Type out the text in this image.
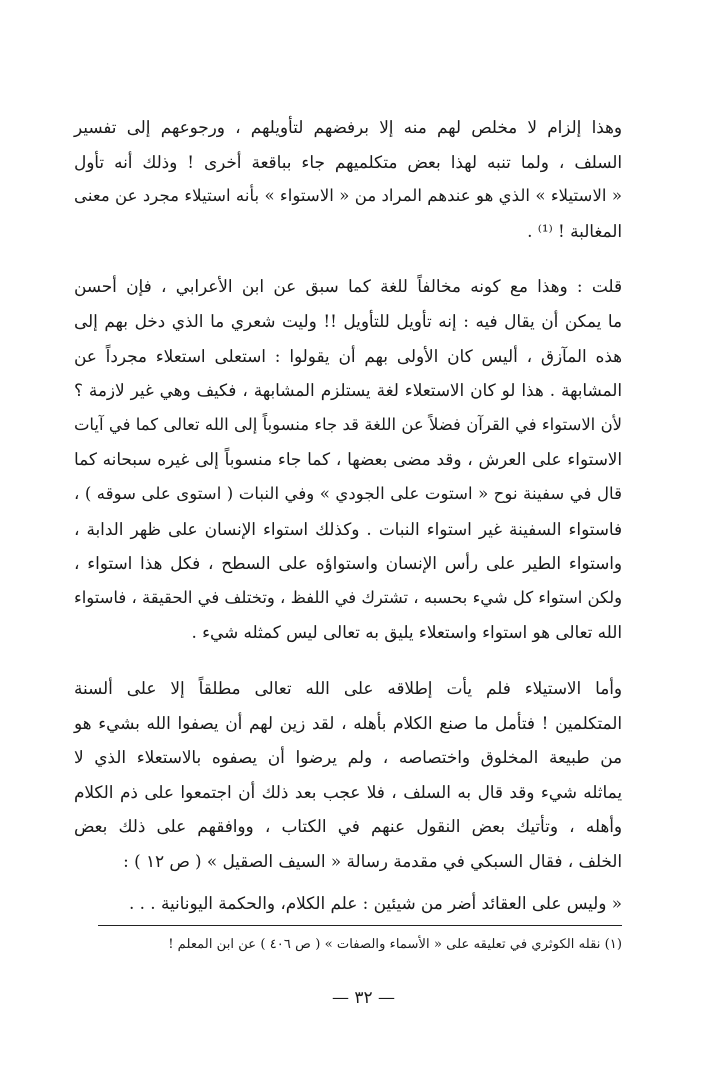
وهذا إلزام لا مخلص لهم منه إلا برفضهم لتأويلهم ، ورجوعهم إلى تفسير
السلف ، ولما تنبه لهذا بعض متكلميهم جاء بباقعة أخرى ! وذلك أنه تأول
« الاستيلاء » الذي هو عندهم المراد من « الاستواء » بأنه استيلاء مجرد عن معنى
المغالبة ! ⁽¹⁾ .

قلت : وهذا مع كونه مخالفاً للغة كما سبق عن ابن الأعرابي ، فإن أحسن
ما يمكن أن يقال فيه : إنه تأويل للتأويل !! وليت شعري ما الذي دخل بهم إلى
هذه المآزق ، أليس كان الأولى بهم أن يقولوا : استعلى استعلاء مجرداً عن
المشابهة . هذا لو كان الاستعلاء لغة يستلزم المشابهة ، فكيف وهي غير لازمة ؟
لأن الاستواء في القرآن فضلاً عن اللغة قد جاء منسوباً إلى الله تعالى كما في آيات
الاستواء على العرش ، وقد مضى بعضها ، كما جاء منسوباً إلى غيره سبحانه كما
قال في سفينة نوح « استوت على الجودي » وفي النبات ( استوى على سوقه ) ،
فاستواء السفينة غير استواء النبات . وكذلك استواء الإنسان على ظهر الدابة ،
واستواء الطير على رأس الإنسان واستواؤه على السطح ، فكل هذا استواء ،
ولكن استواء كل شيء بحسبه ، تشترك في اللفظ ، وتختلف في الحقيقة ، فاستواء
الله تعالى هو استواء واستعلاء يليق به تعالى ليس كمثله شيء .

وأما الاستيلاء فلم يأت إطلاقه على الله تعالى مطلقاً إلا على ألسنة
المتكلمين ! فتأمل ما صنع الكلام بأهله ، لقد زين لهم أن يصفوا الله بشيء هو
من طبيعة المخلوق واختصاصه ، ولم يرضوا أن يصفوه بالاستعلاء الذي لا
يماثله شيء وقد قال به السلف ، فلا عجب بعد ذلك أن اجتمعوا على ذم الكلام
وأهله ، وتأتيك بعض النقول عنهم في الكتاب ، ووافقهم على ذلك بعض
الخلف ، فقال السبكي في مقدمة رسالة « السيف الصقيل » ( ص ١٢ ) :

« وليس على العقائد أضر من شيئين : علم الكلام، والحكمة اليونانية . . .

(١) نقله الكوثري في تعليقه على « الأسماء والصفات » ( ص ٤٠٦ ) عن ابن المعلم !
— ٣٢ —
